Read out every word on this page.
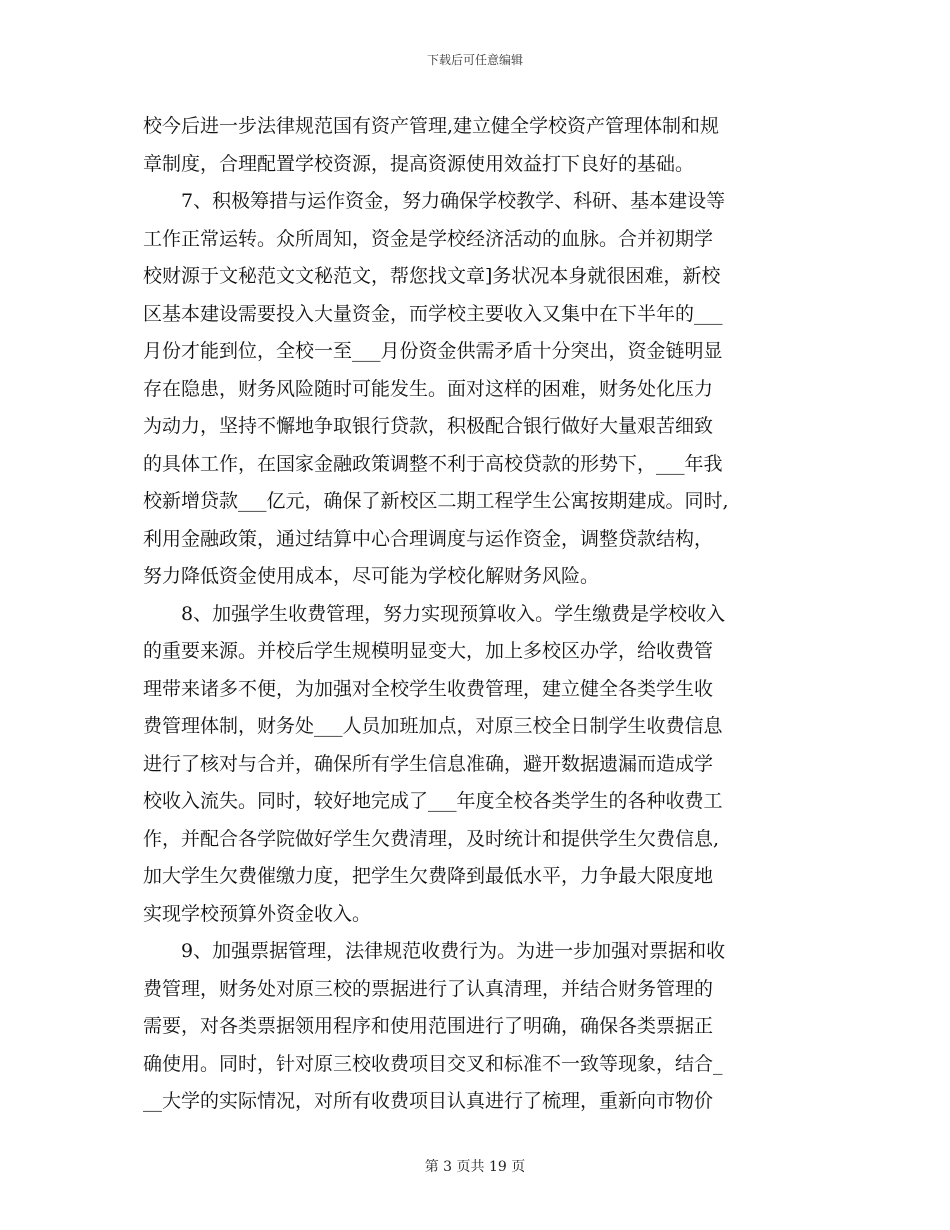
下载后可任意编辑
校今后进一步法律规范国有资产管理,建立健全学校资产管理体制和规
章制度，合理配置学校资源，提高资源使用效益打下良好的基础。
7、积极筹措与运作资金，努力确保学校教学、科研、基本建设等
工作正常运转。众所周知，资金是学校经济活动的血脉。合并初期学
校财源于文秘范文文秘范文，帮您找文章]务状况本身就很困难，新校
区基本建设需要投入大量资金，而学校主要收入又集中在下半年的___
月份才能到位，全校一至___月份资金供需矛盾十分突出，资金链明显
存在隐患，财务风险随时可能发生。面对这样的困难，财务处化压力
为动力，坚持不懈地争取银行贷款，积极配合银行做好大量艰苦细致
的具体工作，在国家金融政策调整不利于高校贷款的形势下，___年我
校新增贷款___亿元，确保了新校区二期工程学生公寓按期建成。同时,
利用金融政策，通过结算中心合理调度与运作资金，调整贷款结构，
努力降低资金使用成本，尽可能为学校化解财务风险。
8、加强学生收费管理，努力实现预算收入。学生缴费是学校收入
的重要来源。并校后学生规模明显变大，加上多校区办学，给收费管
理带来诸多不便，为加强对全校学生收费管理，建立健全各类学生收
费管理体制，财务处___人员加班加点，对原三校全日制学生收费信息
进行了核对与合并，确保所有学生信息准确，避开数据遗漏而造成学
校收入流失。同时，较好地完成了___年度全校各类学生的各种收费工
作，并配合各学院做好学生欠费清理，及时统计和提供学生欠费信息,
加大学生欠费催缴力度，把学生欠费降到最低水平，力争最大限度地
实现学校预算外资金收入。
9、加强票据管理，法律规范收费行为。为进一步加强对票据和收
费管理，财务处对原三校的票据进行了认真清理，并结合财务管理的
需要，对各类票据领用程序和使用范围进行了明确，确保各类票据正
确使用。同时，针对原三校收费项目交叉和标准不一致等现象，结合_
__大学的实际情况，对所有收费项目认真进行了梳理，重新向市物价
第 3 页共 19 页
